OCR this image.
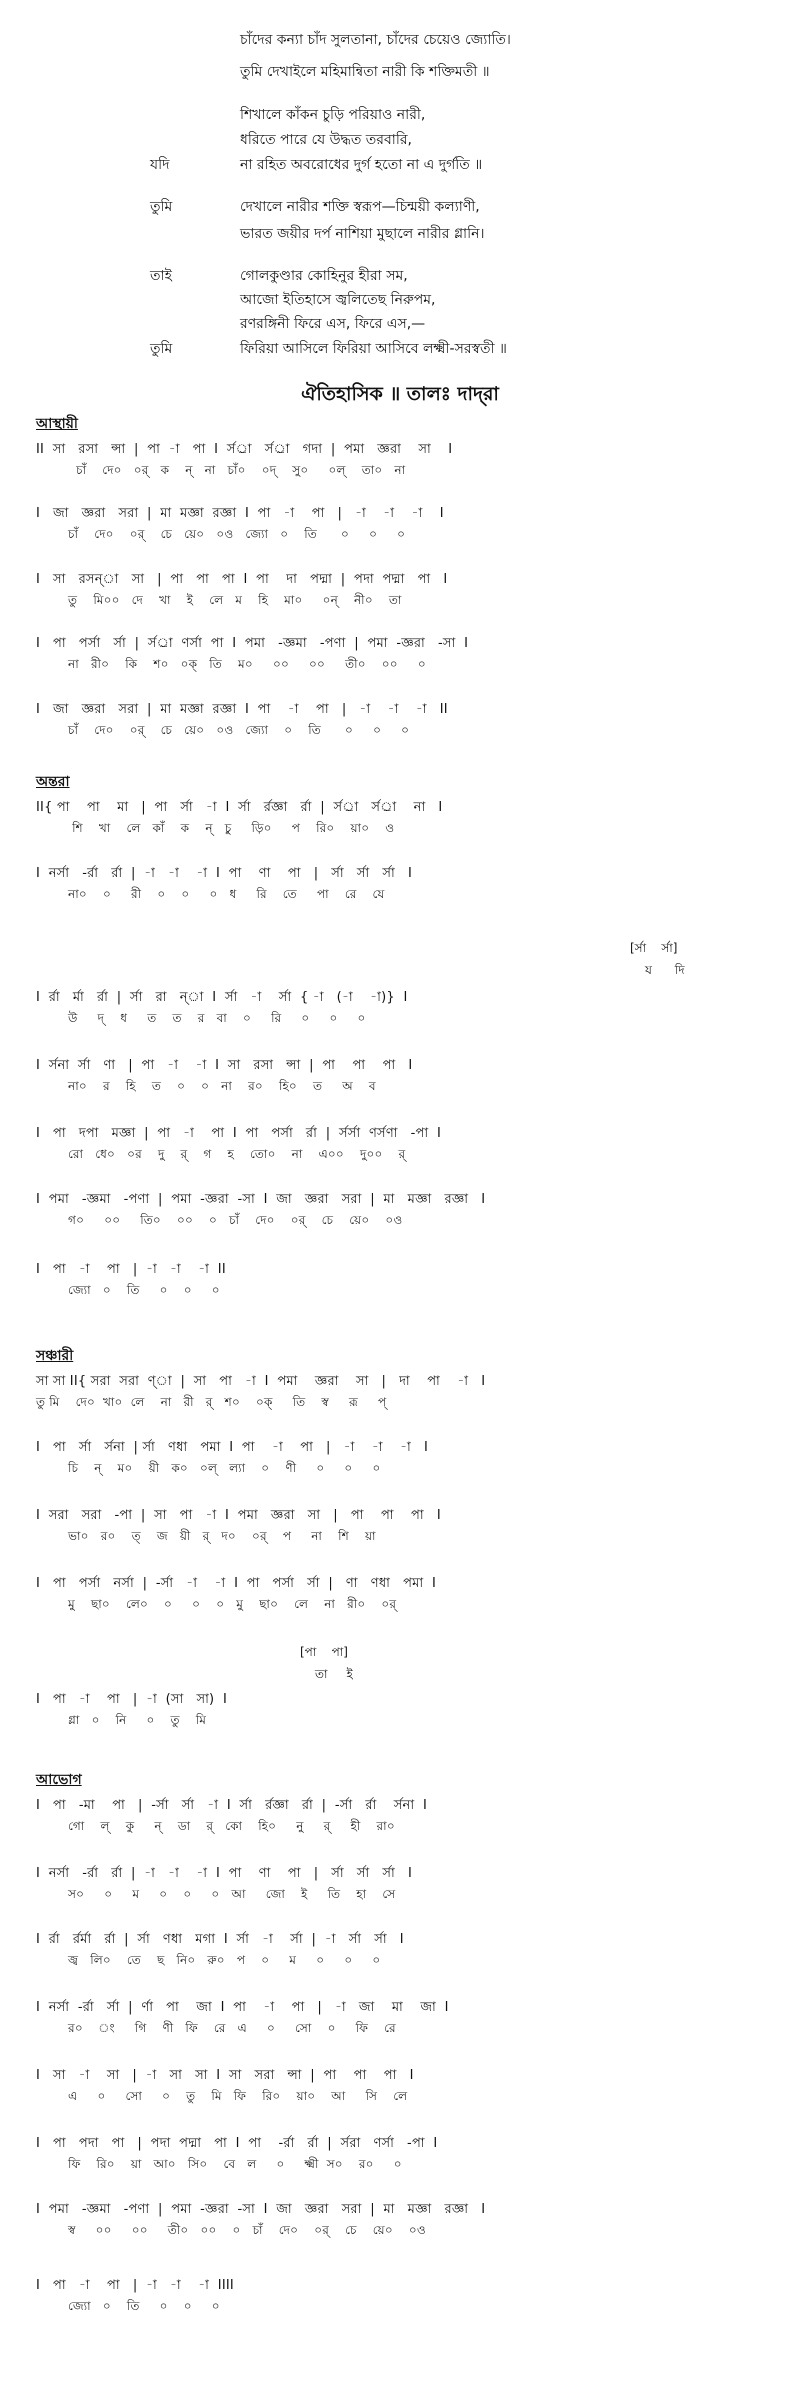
চাঁদের কন্যা চাঁদ সুলতানা, চাঁদের চেয়েও জ্যোতি।
তুমি দেখাইলে মহিমান্বিতা নারী কি শক্তিমতী ॥
শিখালে কাঁকন চুড়ি পরিয়াও নারী,
ধরিতে পারে যে উদ্ধত তরবারি,
যদি	না রহিত অবরোধের দুর্গ হতো না এ দুর্গতি ॥
তুমি	দেখালে নারীর শক্তি স্বরূপ—চিন্ময়ী কল্যাণী,
ভারত জয়ীর দর্প নাশিয়া মুছালে নারীর গ্লানি।
তাই	গোলকুণ্ডার কোহিনুর হীরা সম,
আজো ইতিহাসে জ্বলিতেছ নিরুপম,
রণরঙ্গিনী ফিরে এস, ফিরে এস,—
তুমি	ফিরিয়া আসিলে ফিরিয়া আসিবে লক্ষ্মী-সরস্বতী ॥
ঐতিহাসিক ॥ তালঃ দাদ্‌রা
আস্থায়ী
II  সা   রসা   ন্সা  |  পা  -া   পা  I  র্সর্া   র্সর্া   গদা  |  পমা   জ্ঞরা    সা    I
চাঁ    দে০   ০র্   ক    ন্   না   চাঁ০    ০দ্    সু০     ০ল্    তা০   না
I   জা   জ্ঞরা   সরা  |  মা  মজ্ঞা  রজ্ঞা  I  পা   -া    পা   |   -া    -া    -া    I
চাঁ    দে০    ০র্    চে   য়ে০   ০ও   জ্যো   ০    তি      ০     ০     ০
I   সা   রসন্া   সা   |  পা   পা   পা  I  পা    দা   পদ্মা  |  পদা  পদ্মা   পা   I
তু    মি০০   দে    খা    ই    লে   ম    হি    মা০     ০ন্    নী০    তা
I   পা   পর্সা   র্সা  |  র্সর্া  ণর্সা  পা  I  পমা   -জ্ঞমা   -পণা  |  পমা  -জ্ঞরা   -সা  I
না   রী০    কি    শ০   ০ক্   তি    ম০     ০০     ০০     তী০    ০০     ০
I   জা   জ্ঞরা   সরা  |  মা  মজ্ঞা  রজ্ঞা  I  পা    -া    পা   |   -া    -া    -া   II
চাঁ    দে০    ০র্    চে   য়ে০   ০ও   জ্যো    ০    তি      ০     ০     ০
অন্তরা
II{ পা    পা    মা   |  পা   র্সা   -া  I  র্সা   র্রজ্ঞা   র্রা  |  র্সর্া   র্সর্া    না   I
শি    খা    লে   কাঁ    ক    ন্   চু     ড়ি০     প    রি০    য়া০    ও
I  নর্সা   -র্রা   র্রা  |  -া   -া    -া  I  পা    ণা    পা   |   র্সা   র্সা   র্সা   I
না০    ০     রী    ০    ০     ০   ধ     রি    তে     পা    রে    যে
[র্সা    র্সা]
য      দি
I  র্রা   র্মা   র্রা  |  র্সা   রা   ন্া  I  র্সা   -া    র্সা  { -া   (-া    -া)}  I
উ     দ্    ধ     ত    ত    র   বা    ০     রি     ০     ০     ০
I  র্সনা  র্সা   ণা   |  পা   -া    -া  I  সা   রসা   ন্সা  |  পা    পা    পা   I
না০    র    হি    ত    ০    ০   না    র০    হি০    ত     অ    ব
I   পা   দপা   মজ্ঞা  |  পা   -া    পা  I  পা   পর্সা   র্রা  |  র্সর্সা  ণর্সণা   -পা  I
রো   ধে০   ০র    দু    র্    গ    হ    তো০    না    এ০০    দু০০    র্
I  পমা   -জ্ঞমা   -পণা  |  পমা  -জ্ঞরা  -সা  I  জা   জ্ঞরা   সরা  |  মা   মজ্ঞা   রজ্ঞা   I
গ০     ০০     তি০    ০০    ০   চাঁ    দে০    ০র্    চে    য়ে০    ০ও
I   পা   -া    পা   |  -া   -া    -া  II
জ্যো   ০    তি     ০    ০     ০
সঞ্চারী
সা সা II{ সরা  সরা  ণ্া  |  সা   পা   -া  I  পমা    জ্ঞরা    সা   |   দা    পা    -া   I
তু মি    দে০  খা০  লে    না   রী   র্   শ০    ০ক্     তি    স্ব     রূ     প্
I   পা   র্সা   র্সনা  | র্সা   ণধা   পমা  I  পা    -া    পা   |   -া    -া    -া   I
চি    ন্    ম০    য়ী   ক০   ০ল্   ল্যা    ০    ণী     ০     ০     ০
I  সরা   সরা   -পা  |  সা   পা   -া  I  পমা   জ্ঞরা   সা   |   পা    পা    পা   I
ভা০   র০    ত্    জ   য়ী   র্   দ০    ০র্    প     না    শি    য়া
I   পা   পর্সা   নর্সা  |  -র্সা   -া    -া  I  পা   পর্সা   র্সা  |   ণা   ণধা   পমা  I
মু    ছা০    লে০    ০     ০    ০   মু    ছা০    লে    না   রী০    ০র্
[পা    পা]
তা     ই
I   পা   -া    পা   |  -া  (সা   সা)  I
গ্লা   ০    নি     ০    তু    মি
আভোগ
I   পা   -মা    পা   |  -র্সা   র্সা   -া  I  র্সা   র্রজ্ঞা   র্রা  |  -র্সা   র্রা    র্সনা  I
গো    ল্    কু     ন্    ডা    র্   কো    হি০     নু     র্     হী    রা০
I  নর্সা   -র্রা   র্রা  |  -া   -া    -া  I  পা    ণা    পা   |   র্সা   র্সা   র্সা   I
স০     ০     ম     ০    ০     ০   আ     জো    ই     তি    হা    সে
I  র্রা   র্রর্মা   র্রা  |  র্সা   ণধা   মগা  I  র্সা   -া    র্সা  |  -া   র্সা   র্সা   I
জ্ব   লি০    তে    ছ   নি০   রু০   প    ০     ম     ০     ০     ০
I  নর্সা  -র্রা   র্সা  |  র্ণা   পা    জা  I  পা    -া    পা   |   -া   জা    মা    জা  I
র০    ং     গি    ণী   ফি    রে   এ     ০     সো    ০     ফি    রে
I   সা   -া    সা   |  -া   সা   সা  I  সা   সরা   ন্সা  |  পা    পা    পা   I
এ     ০     সো     ০    তু    মি   ফি    রি০    য়া০    আ     সি    লে
I   পা   পদা   পা   |  পদা  পদ্মা   পা  I  পা    -র্রা   র্রা  |  র্সরা   ণর্সা   -পা  I
ফি    রি০    য়া   আ০   সি০    বে   ল     ০     ক্ষ্মী  স০    র০     ০
I  পমা   -জ্ঞমা   -পণা  |  পমা  -জ্ঞরা  -সা  I  জা   জ্ঞরা   সরা  |  মা   মজ্ঞা   রজ্ঞা   I
স্ব     ০০     ০০     তী০   ০০    ০   চাঁ    দে০    ০র্    চে    য়ে০    ০ও
I   পা   -া    পা   |  -া   -া    -া  IIII
জ্যো   ০    তি     ০    ০     ০
